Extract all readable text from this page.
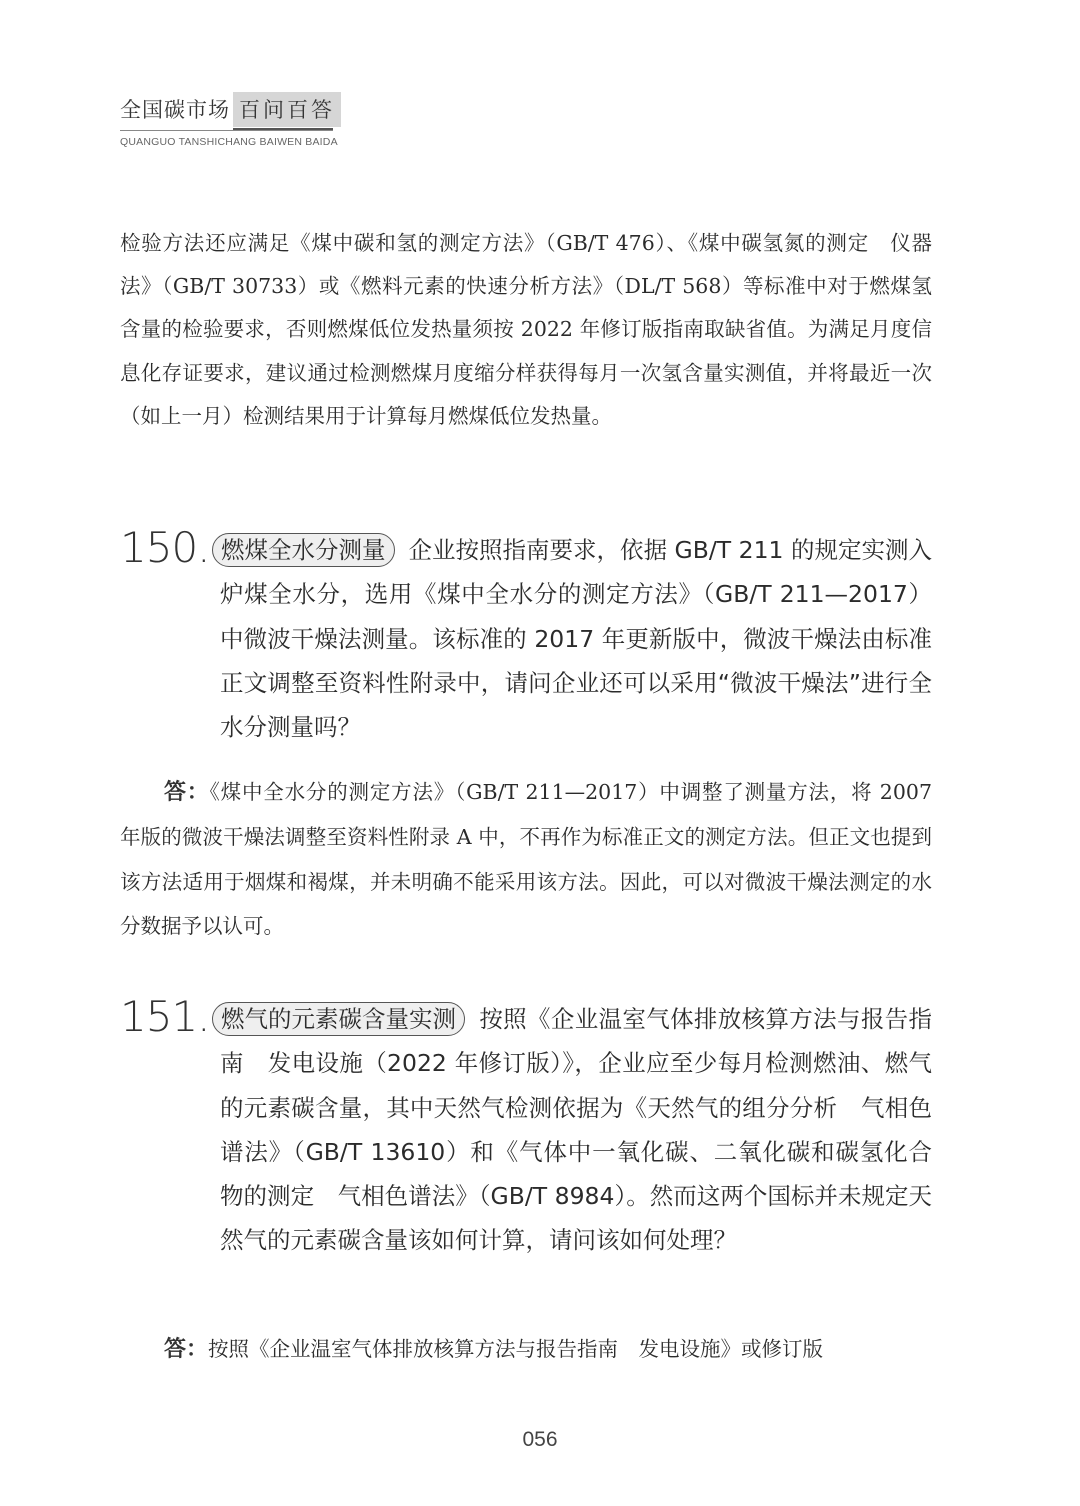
全国碳市场 百问百答
QUANGUO TANSHICHANG BAIWEN BAIDA

检验方法还应满足《煤中碳和氢的测定方法》（GB/T 476）、《煤中碳氢氮的测定　仪器法》（GB/T 30733）或《燃料元素的快速分析方法》（DL/T 568）等标准中对于燃煤氢含量的检验要求，否则燃煤低位发热量须按 2022 年修订版指南取缺省值。为满足月度信息化存证要求，建议通过检测燃煤月度缩分样获得每月一次氢含量实测值，并将最近一次（如上一月）检测结果用于计算每月燃煤低位发热量。

150. 燃煤全水分测量 企业按照指南要求，依据 GB/T 211 的规定实测入炉煤全水分，选用《煤中全水分的测定方法》（GB/T 211—2017）中微波干燥法测量。该标准的 2017 年更新版中，微波干燥法由标准正文调整至资料性附录中，请问企业还可以采用“微波干燥法”进行全水分测量吗？

答：《煤中全水分的测定方法》（GB/T 211—2017）中调整了测量方法，将 2007 年版的微波干燥法调整至资料性附录 A 中，不再作为标准正文的测定方法。但正文也提到该方法适用于烟煤和褐煤，并未明确不能采用该方法。因此，可以对微波干燥法测定的水分数据予以认可。

151. 燃气的元素碳含量实测 按照《企业温室气体排放核算方法与报告指南　发电设施（2022 年修订版）》，企业应至少每月检测燃油、燃气的元素碳含量，其中天然气检测依据为《天然气的组分分析　气相色谱法》（GB/T 13610）和《气体中一氧化碳、二氧化碳和碳氢化合物的测定　气相色谱法》（GB/T 8984）。然而这两个国标并未规定天然气的元素碳含量该如何计算，请问该如何处理？

答：按照《企业温室气体排放核算方法与报告指南　发电设施》或修订版

056
